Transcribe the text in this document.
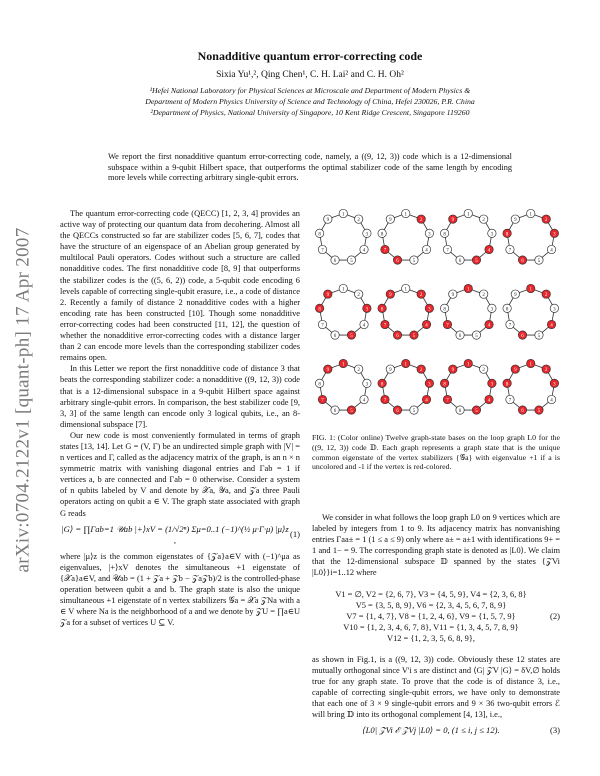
arXiv:0704.2122v1 [quant-ph] 17 Apr 2007
Nonadditive quantum error-correcting code
Sixia Yu¹,², Qing Chen¹, C. H. Lai² and C. H. Oh²
¹Hefei National Laboratory for Physical Sciences at Microscale and Department of Modern Physics &
Department of Modern Physics University of Science and Technology of China, Hefei 230026, P.R. China
²Department of Physics, National University of Singapore, 10 Kent Ridge Crescent, Singapore 119260
We report the first nonadditive quantum error-correcting code, namely, a ((9, 12, 3)) code which is a 12-dimensional subspace within a 9-qubit Hilbert space, that outperforms the optimal stabilizer code of the same length by encoding more levels while correcting arbitrary single-qubit errors.

The quantum error-correcting code (QECC) [1, 2, 3, 4] provides an active way of protecting our quantum data from decohering. Almost all the QECCs constructed so far are stabilizer codes [5, 6, 7], codes that have the structure of an eigenspace of an Abelian group generated by multilocal Pauli operators. Codes without such a structure are called nonadditive codes. The first nonadditive code [8, 9] that outperforms the stabilizer codes is the ((5, 6, 2)) code, a 5-qubit code encoding 6 levels capable of correcting single-qubit erasure, i.e., a code of distance 2. Recently a family of distance 2 nonadditive codes with a higher encoding rate has been constructed [10]. Though some nonadditive error-correcting codes had been constructed [11, 12], the question of whether the nonadditive error-correcting codes with a distance larger than 2 can encode more levels than the corresponding stabilizer codes remains open.

In this Letter we report the first nonadditive code of distance 3 that beats the corresponding stabilizer code: a nonadditive ((9, 12, 3)) code that is a 12-dimensional subspace in a 9-qubit Hilbert space against arbitrary single-qubit errors. In comparison, the best stabilizer code [9, 3, 3] of the same length can encode only 3 logical qubits, i.e., an 8-dimensional subspace [7].

Our new code is most conveniently formulated in terms of graph states [13, 14]. Let G = (V, Γ) be an undirected simple graph with |V| = n vertices and Γ, called as the adjacency matrix of the graph, is an n × n symmetric matrix with vanishing diagonal entries and Γab = 1 if vertices a, b are connected and Γab = 0 otherwise. Consider a system of n qubits labeled by V and denote by 𝒳a, 𝒴a, and 𝒵a three Pauli operators acting on qubit a ∈ V. The graph state associated with graph G reads

|G⟩ = ∏Γab=1 𝒰ab |+⟩xV = (1/√2ⁿ) Σμ=0..1 (−1)^(½ μ·Γ·μ) |μ⟩z ,
(1)

where |μ⟩z is the common eigenstates of {𝒵a}a∈V with (−1)^μa as eigenvalues, |+⟩xV denotes the simultaneous +1 eigenstate of {𝒳a}a∈V, and 𝒰ab = (1 + 𝒵a + 𝒵b − 𝒵a𝒵b)/2 is the controlled-phase operation between qubit a and b. The graph state is also the unique simultaneous +1 eigenstate of n vertex stabilizers 𝒢a = 𝒳a 𝒵Na with a ∈ V where Na is the neighborhood of a and we denote by 𝒵U = ∏a∈U 𝒵a for a subset of vertices U ⊆ V.

1
2
3
4
5
6
7
8
9
1
2
3
4
5
6
7
8
9
1
2
3
4
5
6
7
8
9
1
2
3
4
5
6
7
8
9
1
2
3
4
5
6
7
8
9
1
2
3
4
5
6
7
8
9
1
2
3
4
5
6
7
8
9
1
2
3
4
5
6
7
8
9
1
2
3
4
5
6
7
8
9
1
2
3
4
5
6
7
8
9
1
2
3
4
5
6
7
8
9
1
2
3
4
5
6
7
8
9
FIG. 1: (Color online) Twelve graph-state bases on the loop graph L0 for the ((9, 12, 3)) code 𝔻. Each graph represents a graph state that is the unique common eigenstate of the vertex stabilizers {𝒢a} with eigenvalue +1 if a is uncolored and -1 if the vertex is red-colored.

We consider in what follows the loop graph L0 on 9 vertices which are labeled by integers from 1 to 9. Its adjacency matrix has nonvanishing entries Γaa± = 1 (1 ≤ a ≤ 9) only where a± = a±1 with identifications 9+ = 1 and 1− = 9. The corresponding graph state is denoted as |L0⟩. We claim that the 12-dimensional subspace 𝔻 spanned by the states {𝒵Vi |L0⟩}i=1..12 where

V1 = ∅, V2 = {2, 6, 7}, V3 = {4, 5, 9}, V4 = {2, 3, 6, 8}
V5 = {3, 5, 8, 9}, V6 = {2, 3, 4, 5, 6, 7, 8, 9}
V7 = {1, 4, 7}, V8 = {1, 2, 4, 6}, V9 = {1, 5, 7, 9}
V10 = {1, 2, 3, 4, 6, 7, 8}, V11 = {1, 3, 4, 5, 7, 8, 9}
V12 = {1, 2, 3, 5, 6, 8, 9},
(2)

as shown in Fig.1, is a ((9, 12, 3)) code. Obviously these 12 states are mutually orthogonal since V'i s are distinct and ⟨G| 𝒵V |G⟩ = δV,∅ holds true for any graph state. To prove that the code is of distance 3, i.e., capable of correcting single-qubit errors, we have only to demonstrate that each one of 3 × 9 single-qubit errors and 9 × 36 two-qubit errors ℰ will bring 𝔻 into its orthogonal complement [4, 13], i.e.,

⟨L0| 𝒵Vi ℰ 𝒵Vj |L0⟩ = 0, (1 ≤ i, j ≤ 12).	(3)
